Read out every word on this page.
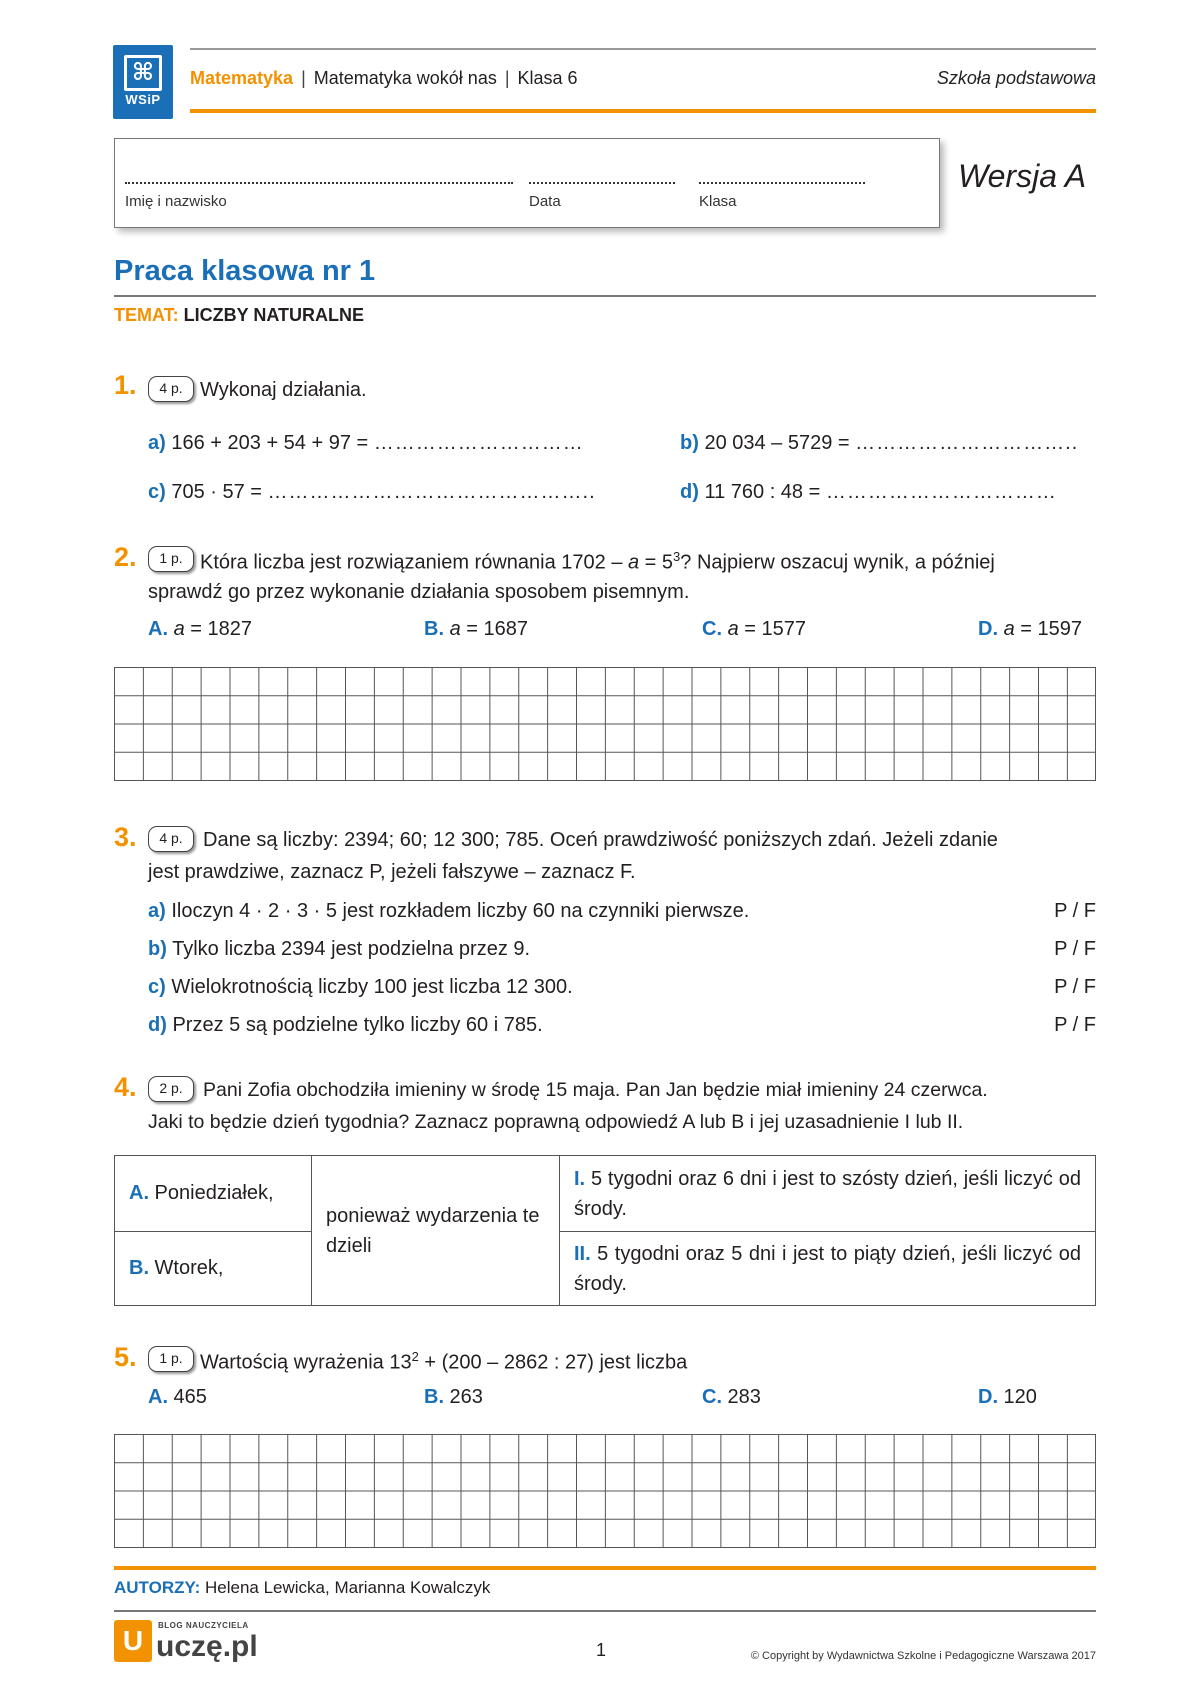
⌘
WSiP
Matematyka | Matematyka wokół nas | Klasa 6	Szkoła podstawowa
Imię i nazwisko	Data	Klasa
Wersja A
Praca klasowa nr 1
TEMAT: LICZBY NATURALNE
1.	4 p. Wykonaj działania.
a) 166 + 203 + 54 + 97 = …………………………	b) 20 034 – 5729 = …………………………..
c) 705 · 57 = ………………………………………..	d) 11 760 : 48 = ……………………………
2.	1 p. Która liczba jest rozwiązaniem równania $1702 - a = 5^3$? Najpierw oszacuj wynik, a później
sprawdź go przez wykonanie działania sposobem pisemnym.
A. a = 1827	B. a = 1687	C. a = 1577	D. a = 1597
3.	4 p.	Dane są liczby: 2394; 60; 12 300; 785. Oceń prawdziwość poniższych zdań. Jeżeli zdanie
jest prawdziwe, zaznacz P, jeżeli fałszywe – zaznacz F.
a) Iloczyn 4 · 2 · 3 · 5 jest rozkładem liczby 60 na czynniki pierwsze.	P / F
b) Tylko liczba 2394 jest podzielna przez 9.	P / F
c) Wielokrotnością liczby 100 jest liczba 12 300.	P / F
d) Przez 5 są podzielne tylko liczby 60 i 785.	P / F
4.	2 p.	Pani Zofia obchodziła imieniny w środę 15 maja. Pan Jan będzie miał imieniny 24 czerwca.
Jaki to będzie dzień tygodnia? Zaznacz poprawną odpowiedź A lub B i jej uzasadnienie I lub II.
A. Poniedziałek,	ponieważ wydarzenia te dzieli	I. 5 tygodni oraz 6 dni i jest to szósty dzień, jeśli liczyć od środy.
B. Wtorek,		II. 5 tygodni oraz 5 dni i jest to piąty dzień, jeśli liczyć od środy.
5.	1 p. Wartością wyrażenia $13^2 + (200 - 2862$ : 27) jest liczba
A. 465	B. 263	C. 283	D. 120
AUTORZY: Helena Lewicka, Marianna Kowalczyk
U	BLOG NAUCZYCIELA
uczę.pl	1	© Copyright by Wydawnictwa Szkolne i Pedagogiczne Warszawa 2017
